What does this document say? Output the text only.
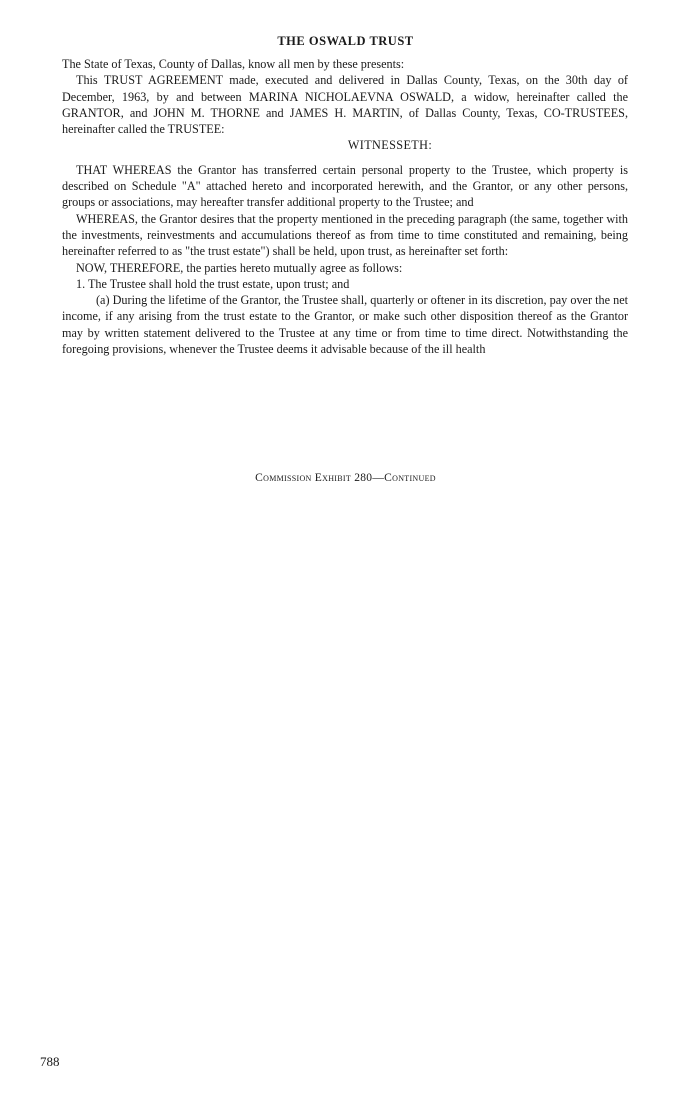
THE OSWALD TRUST

The State of Texas, County of Dallas, know all men by these presents:

This TRUST AGREEMENT made, executed and delivered in Dallas County, Texas, on the 30th day of December, 1963, by and between MARINA NICHOLAEVNA OSWALD, a widow, hereinafter called the GRANTOR, and JOHN M. THORNE and JAMES H. MARTIN, of Dallas County, Texas, CO-TRUSTEES, hereinafter called the TRUSTEE:

WITNESSETH:

THAT WHEREAS the Grantor has transferred certain personal property to the Trustee, which property is described on Schedule "A" attached hereto and incorporated herewith, and the Grantor, or any other persons, groups or associations, may hereafter transfer additional property to the Trustee; and

WHEREAS, the Grantor desires that the property mentioned in the preceding paragraph (the same, together with the investments, reinvestments and accumulations thereof as from time to time constituted and remaining, being hereinafter referred to as "the trust estate") shall be held, upon trust, as hereinafter set forth:

NOW, THEREFORE, the parties hereto mutually agree as follows:

1. The Trustee shall hold the trust estate, upon trust; and

(a) During the lifetime of the Grantor, the Trustee shall, quarterly or oftener in its discretion, pay over the net income, if any arising from the trust estate to the Grantor, or make such other disposition thereof as the Grantor may by written statement delivered to the Trustee at any time or from time to time direct. Notwithstanding the foregoing provisions, whenever the Trustee deems it advisable because of the ill health

Commission Exhibit 280—Continued
788
